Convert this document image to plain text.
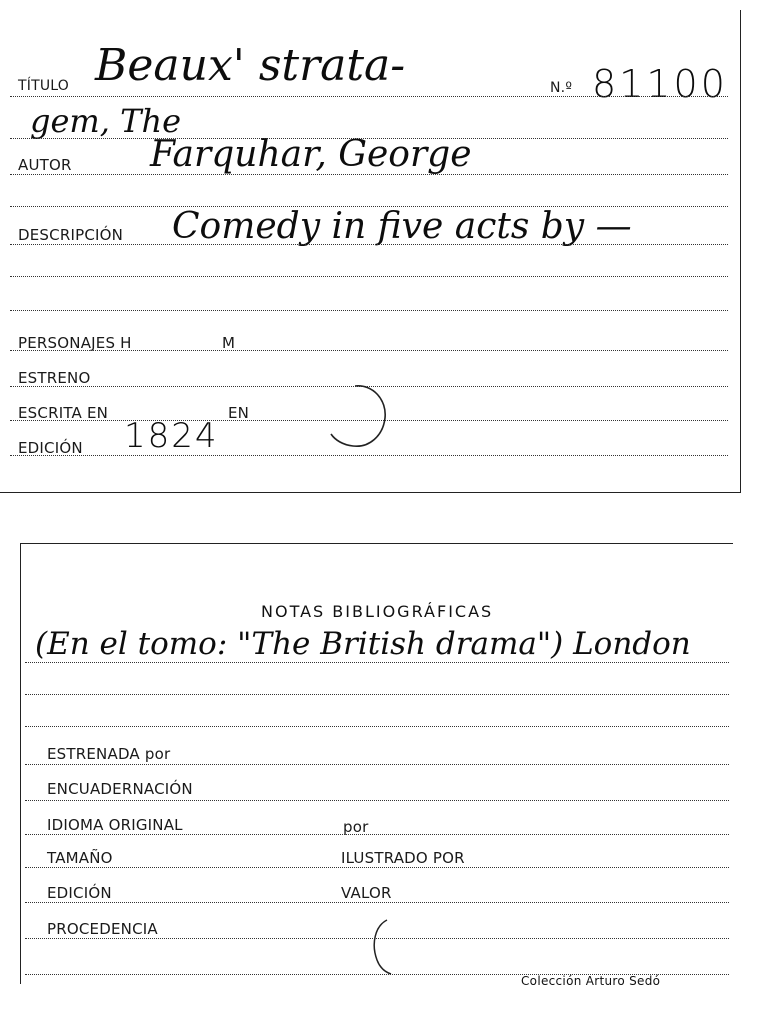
TÍTULO Beaux' strata-	N.º 81100
gem, The
AUTOR Farquhar, George
DESCRIPCIÓN Comedy in five acts by —
PERSONAJES H	M
ESTRENO
ESCRITA EN	EN
EDICIÓN 1824
NOTAS BIBLIOGRÁFICAS
(En el tomo: "The British drama") London
ESTRENADA por
ENCUADERNACIÓN
IDIOMA ORIGINAL	por
TAMAÑO	ILUSTRADO POR
EDICIÓN	VALOR
PROCEDENCIA
Colección Arturo Sedó
